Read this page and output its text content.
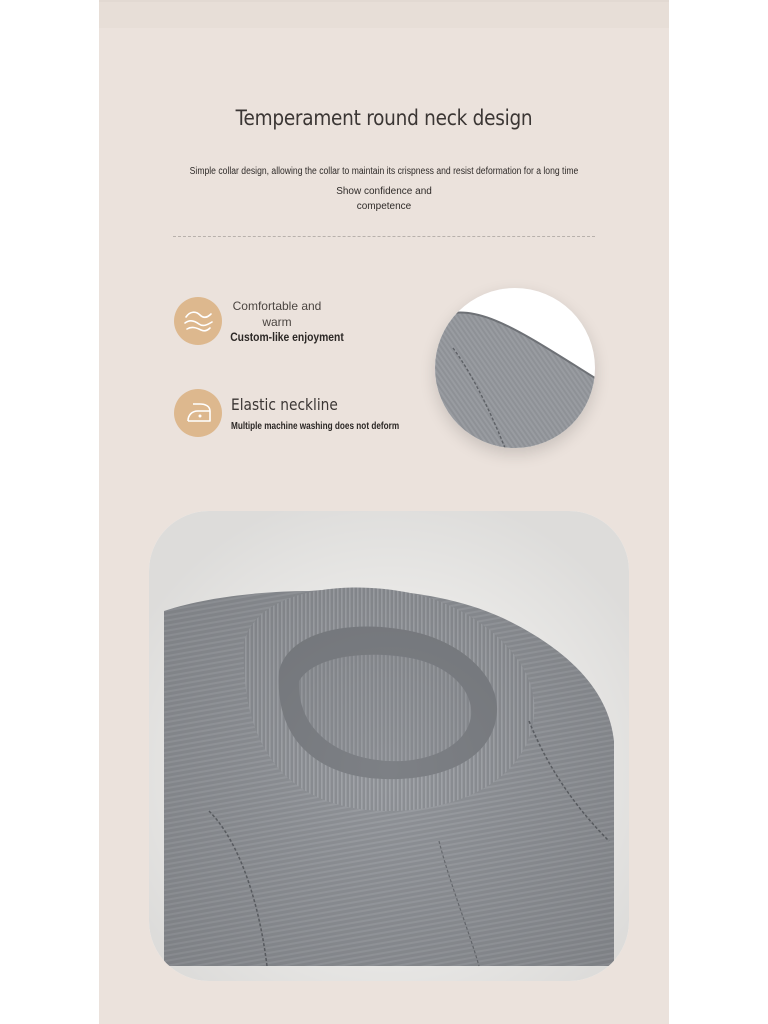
Temperament round neck design
Simple collar design, allowing the collar to maintain its crispness and resist deformation for a long time
Show confidence and
competence
Comfortable and
warm
Custom-like enjoyment
Elastic neckline
Multiple machine washing does not deform
